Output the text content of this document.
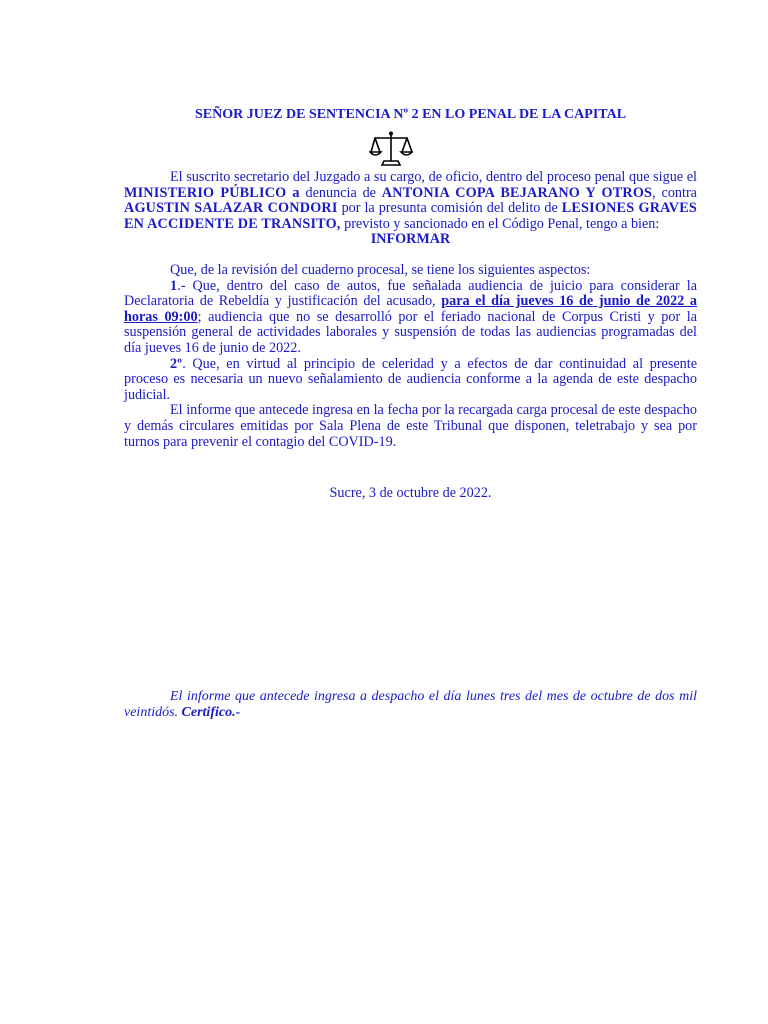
SEÑOR JUEZ DE SENTENCIA Nº 2 EN LO PENAL DE LA CAPITAL

El suscrito secretario del Juzgado a su cargo, de oficio, dentro del proceso penal que sigue el MINISTERIO PÚBLICO a denuncia de ANTONIA COPA BEJARANO Y OTROS, contra AGUSTIN SALAZAR CONDORI por la presunta comisión del delito de LESIONES GRAVES EN ACCIDENTE DE TRANSITO, previsto y sancionado en el Código Penal, tengo a bien:

INFORMAR

Que, de la revisión del cuaderno procesal, se tiene los siguientes aspectos:

1.- Que, dentro del caso de autos, fue señalada audiencia de juicio para considerar la Declaratoria de Rebeldía y justificación del acusado, para el día jueves 16 de junio de 2022 a horas 09:00; audiencia que no se desarrolló por el feriado nacional de Corpus Cristi y por la suspensión general de actividades laborales y suspensión de todas las audiencias programadas del día jueves 16 de junio de 2022.

2º. Que, en virtud al principio de celeridad y a efectos de dar continuidad al presente proceso es necesaria un nuevo señalamiento de audiencia conforme a la agenda de este despacho judicial.

El informe que antecede ingresa en la fecha por la recargada carga procesal de este despacho y demás circulares emitidas por Sala Plena de este Tribunal que disponen, teletrabajo y sea por turnos para prevenir el contagio del COVID-19.

Sucre, 3 de octubre de 2022.
El informe que antecede ingresa a despacho el día lunes tres del mes de octubre de dos mil veintidós. Certifico.-
